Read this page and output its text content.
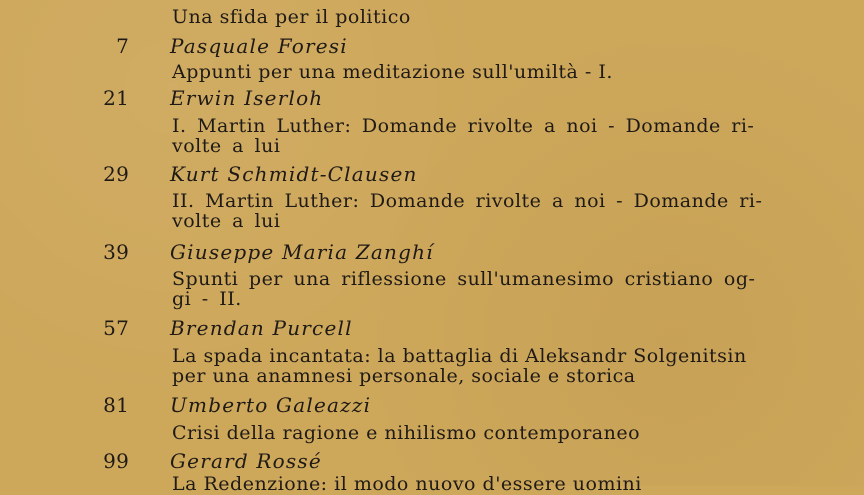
Una sfida per il politico
7 Pasquale Foresi
Appunti per una meditazione sull'umiltà - I.
21 Erwin Iserloh
I. Martin Luther: Domande rivolte a noi - Domande ri-
volte a lui
29 Kurt Schmidt-Clausen
II. Martin Luther: Domande rivolte a noi - Domande ri-
volte a lui
39 Giuseppe Maria Zanghí
Spunti per una riflessione sull'umanesimo cristiano og-
gi - II.
57 Brendan Purcell
La spada incantata: la battaglia di Aleksandr Solgenitsin
per una anamnesi personale, sociale e storica
81 Umberto Galeazzi
Crisi della ragione e nihilismo contemporaneo
99 Gerard Rossé
La Redenzione: il modo nuovo d'essere uomini
